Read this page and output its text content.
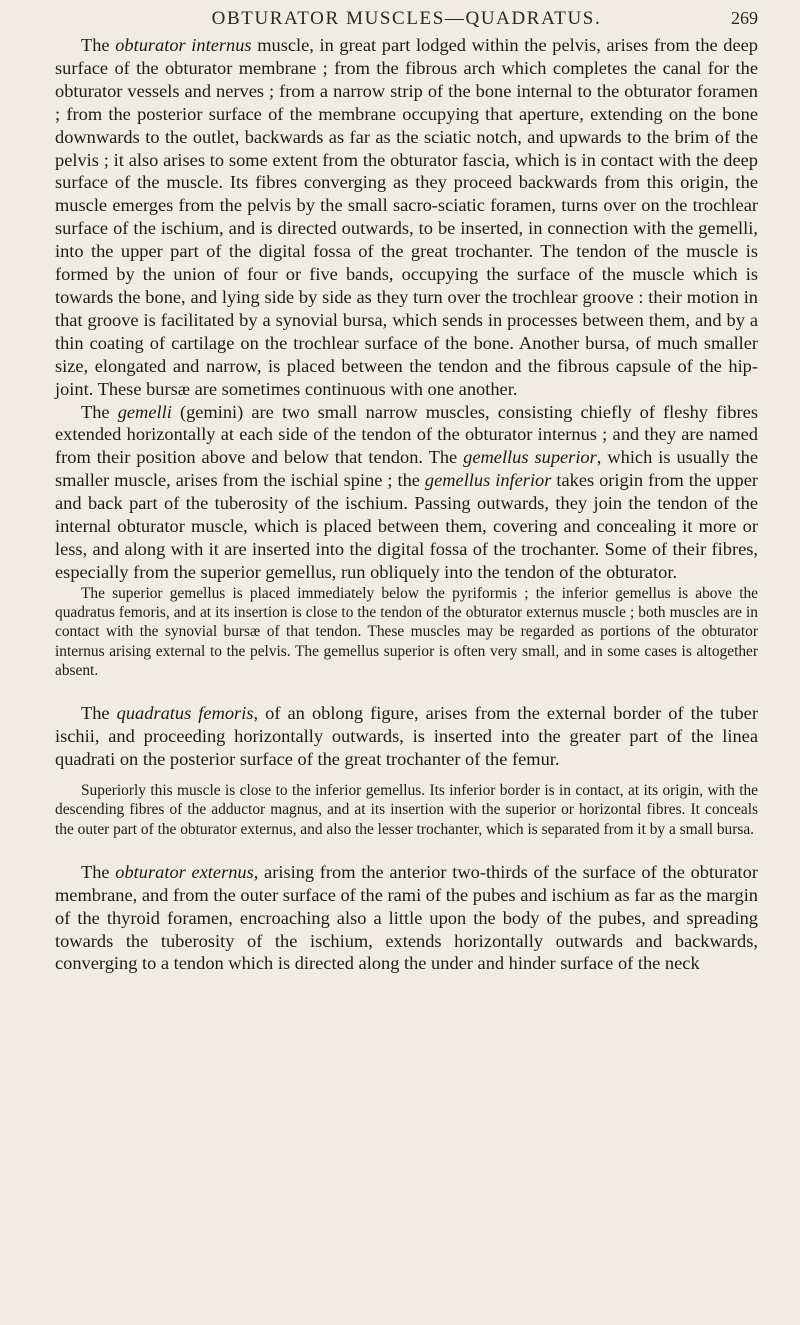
OBTURATOR MUSCLES—QUADRATUS.	269

The obturator internus muscle, in great part lodged within the pelvis, arises from the deep surface of the obturator membrane ; from the fibrous arch which completes the canal for the obturator vessels and nerves ; from a narrow strip of the bone internal to the obturator foramen ; from the posterior surface of the membrane occupying that aperture, extending on the bone downwards to the outlet, backwards as far as the sciatic notch, and upwards to the brim of the pelvis ; it also arises to some extent from the obturator fascia, which is in contact with the deep surface of the muscle. Its fibres converging as they proceed backwards from this origin, the muscle emerges from the pelvis by the small sacro-sciatic foramen, turns over on the trochlear surface of the ischium, and is directed outwards, to be inserted, in connection with the gemelli, into the upper part of the digital fossa of the great trochanter. The tendon of the muscle is formed by the union of four or five bands, occupying the surface of the muscle which is towards the bone, and lying side by side as they turn over the trochlear groove : their motion in that groove is facilitated by a synovial bursa, which sends in processes between them, and by a thin coating of cartilage on the trochlear surface of the bone. Another bursa, of much smaller size, elongated and narrow, is placed between the tendon and the fibrous capsule of the hip-joint. These bursæ are sometimes continuous with one another.

The gemelli (gemini) are two small narrow muscles, consisting chiefly of fleshy fibres extended horizontally at each side of the tendon of the obturator internus ; and they are named from their position above and below that tendon. The gemellus superior, which is usually the smaller muscle, arises from the ischial spine ; the gemellus inferior takes origin from the upper and back part of the tuberosity of the ischium. Passing outwards, they join the tendon of the internal obturator muscle, which is placed between them, covering and concealing it more or less, and along with it are inserted into the digital fossa of the trochanter. Some of their fibres, especially from the superior gemellus, run obliquely into the tendon of the obturator.

The superior gemellus is placed immediately below the pyriformis ; the inferior gemellus is above the quadratus femoris, and at its insertion is close to the tendon of the obturator externus muscle ; both muscles are in contact with the synovial bursæ of that tendon. These muscles may be regarded as portions of the obturator internus arising external to the pelvis. The gemellus superior is often very small, and in some cases is altogether absent.

The quadratus femoris, of an oblong figure, arises from the external border of the tuber ischii, and proceeding horizontally outwards, is inserted into the greater part of the linea quadrati on the posterior surface of the great trochanter of the femur.

Superiorly this muscle is close to the inferior gemellus. Its inferior border is in contact, at its origin, with the descending fibres of the adductor magnus, and at its insertion with the superior or horizontal fibres. It conceals the outer part of the obturator externus, and also the lesser trochanter, which is separated from it by a small bursa.

The obturator externus, arising from the anterior two-thirds of the surface of the obturator membrane, and from the outer surface of the rami of the pubes and ischium as far as the margin of the thyroid foramen, encroaching also a little upon the body of the pubes, and spreading towards the tuberosity of the ischium, extends horizontally outwards and backwards, converging to a tendon which is directed along the under and hinder surface of the neck
